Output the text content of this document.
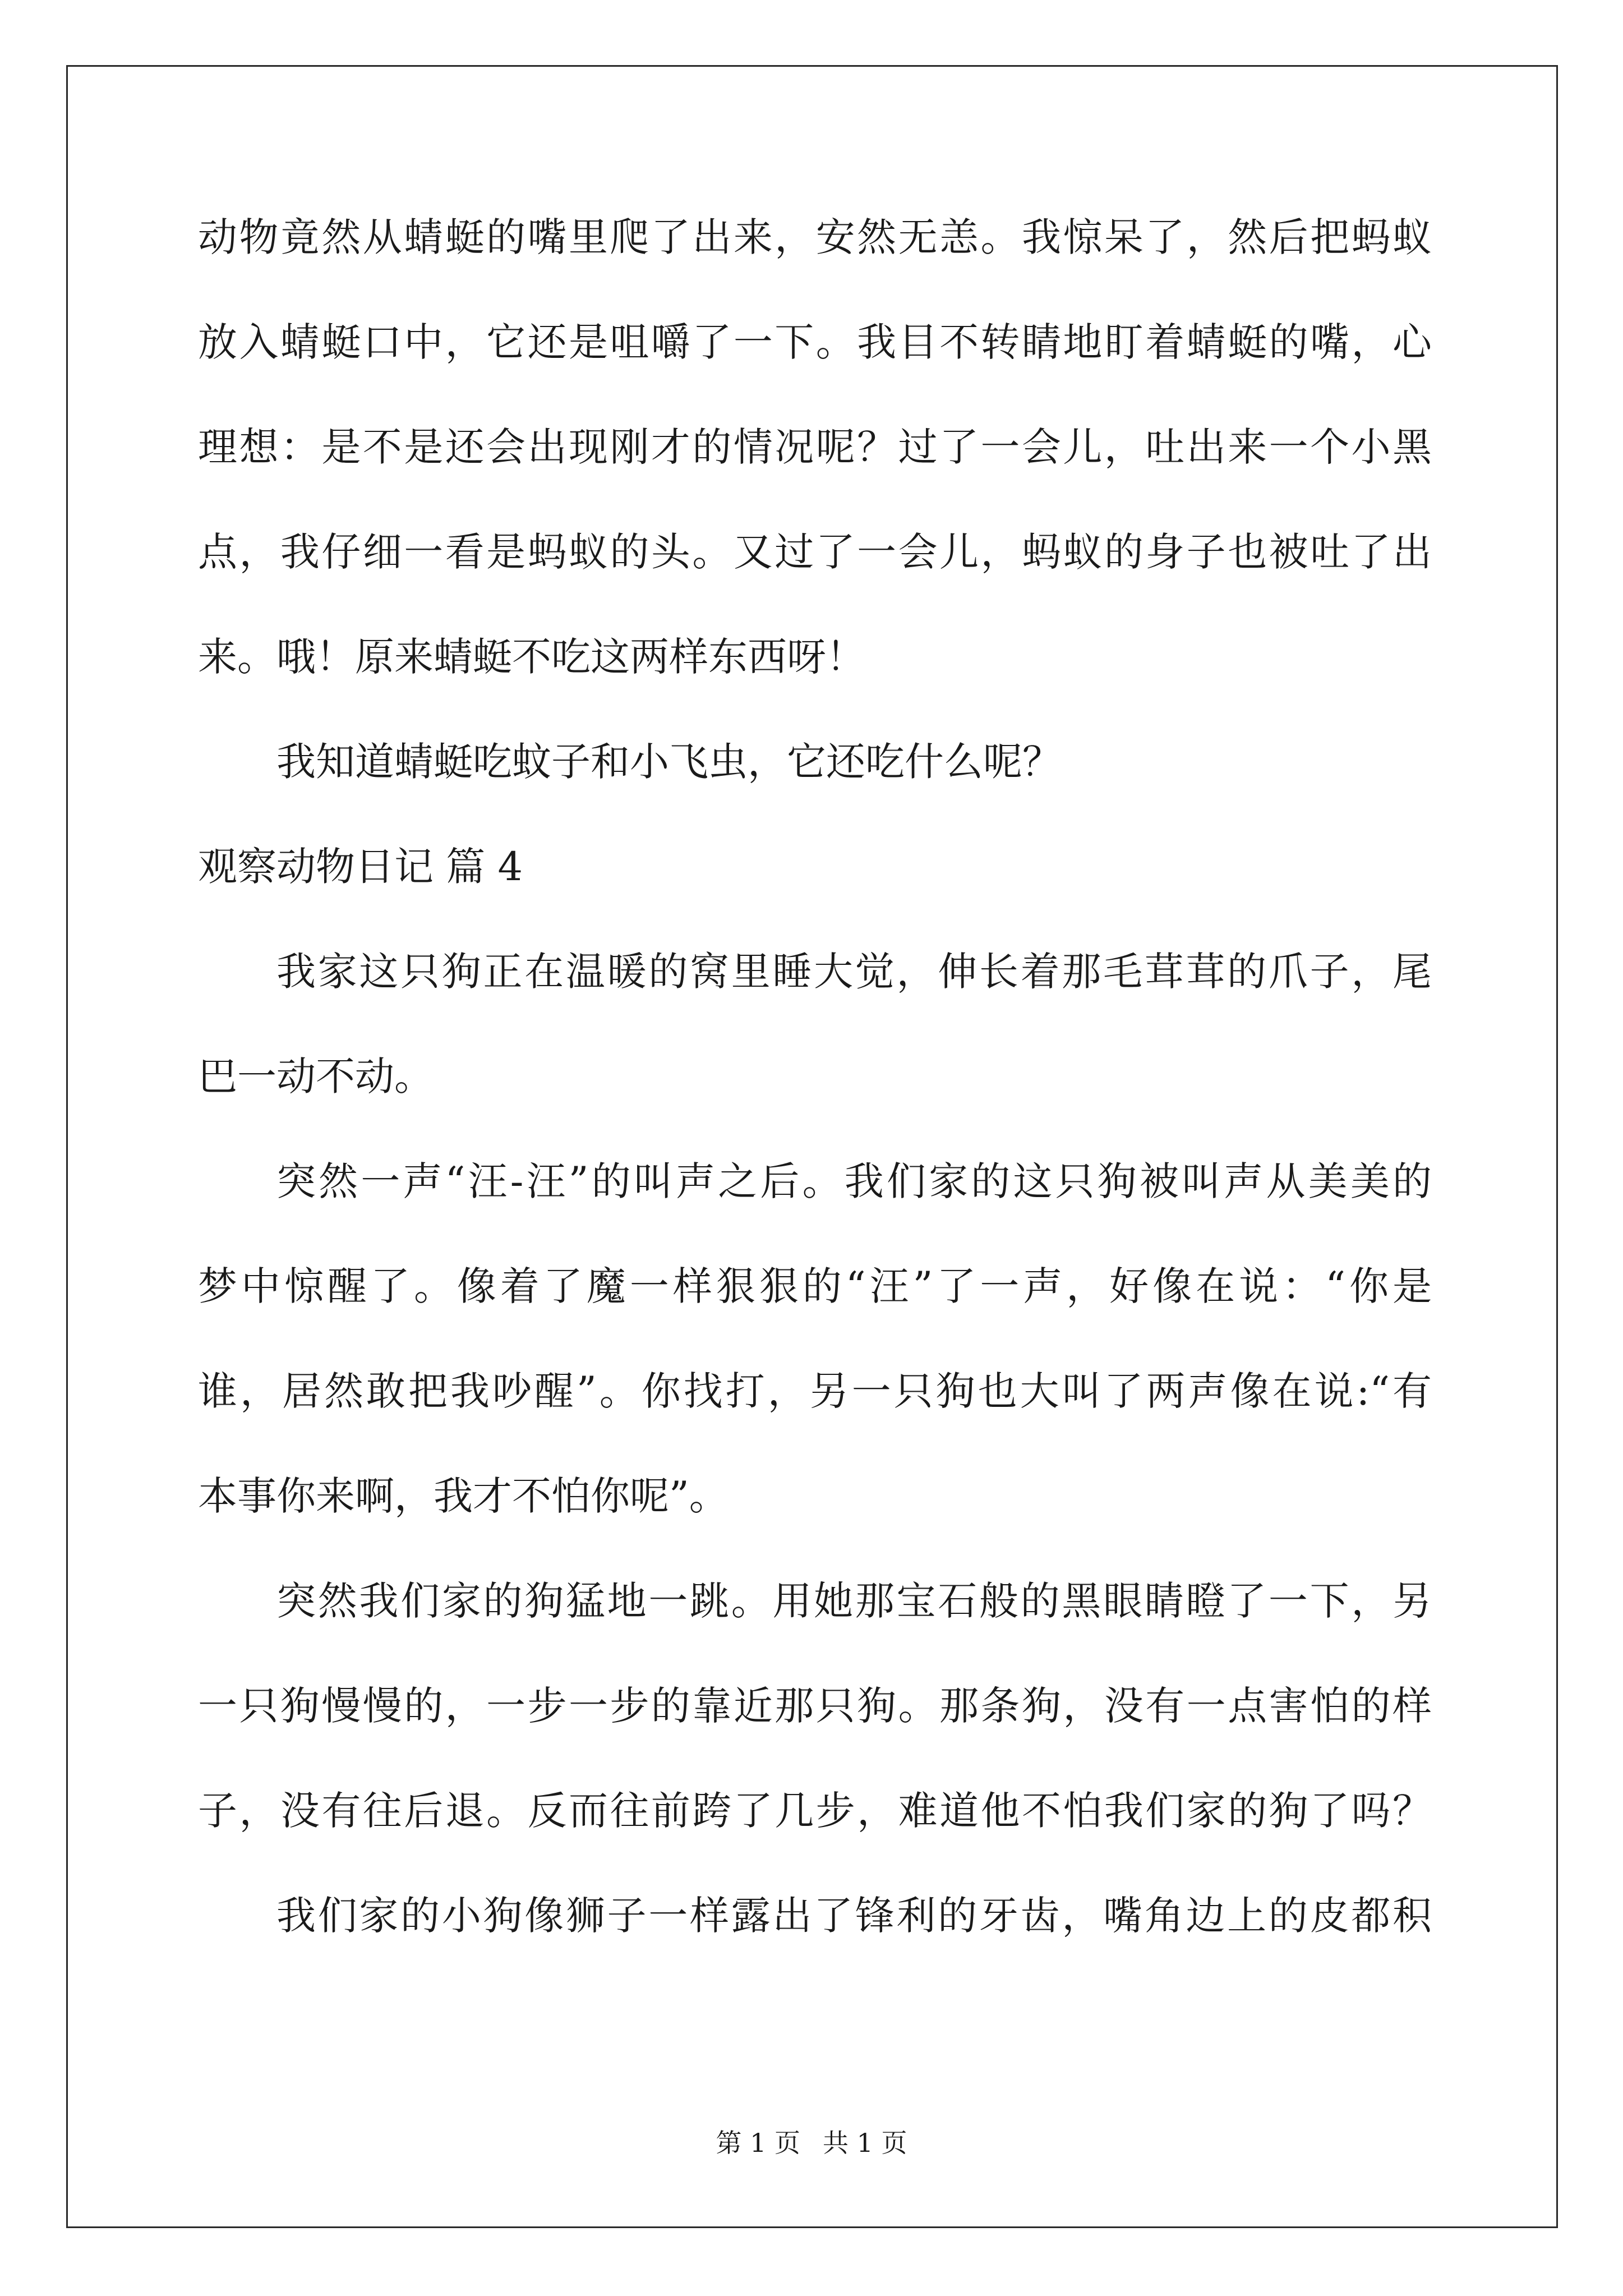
动物竟然从蜻蜓的嘴里爬了出来，安然无恙。我惊呆了，然后把蚂蚁
放入蜻蜓口中，它还是咀嚼了一下。我目不转睛地盯着蜻蜓的嘴，心
理想：是不是还会出现刚才的情况呢？过了一会儿，吐出来一个小黑
点，我仔细一看是蚂蚁的头。又过了一会儿，蚂蚁的身子也被吐了出
来。哦！原来蜻蜓不吃这两样东西呀！
我知道蜻蜓吃蚊子和小飞虫，它还吃什么呢？
观察动物日记 篇 4
我家这只狗正在温暖的窝里睡大觉，伸长着那毛茸茸的爪子，尾
巴一动不动。
突然一声“汪-汪”的叫声之后。我们家的这只狗被叫声从美美的
梦中惊醒了。像着了魔一样狠狠的“汪”了一声，好像在说：“你是
谁，居然敢把我吵醒”。你找打，另一只狗也大叫了两声像在说:“有
本事你来啊，我才不怕你呢”。
突然我们家的狗猛地一跳。用她那宝石般的黑眼睛瞪了一下，另
一只狗慢慢的，一步一步的靠近那只狗。那条狗，没有一点害怕的样
子，没有往后退。反而往前跨了几步，难道他不怕我们家的狗了吗？
我们家的小狗像狮子一样露出了锋利的牙齿，嘴角边上的皮都积
第 1 页 共 1 页
